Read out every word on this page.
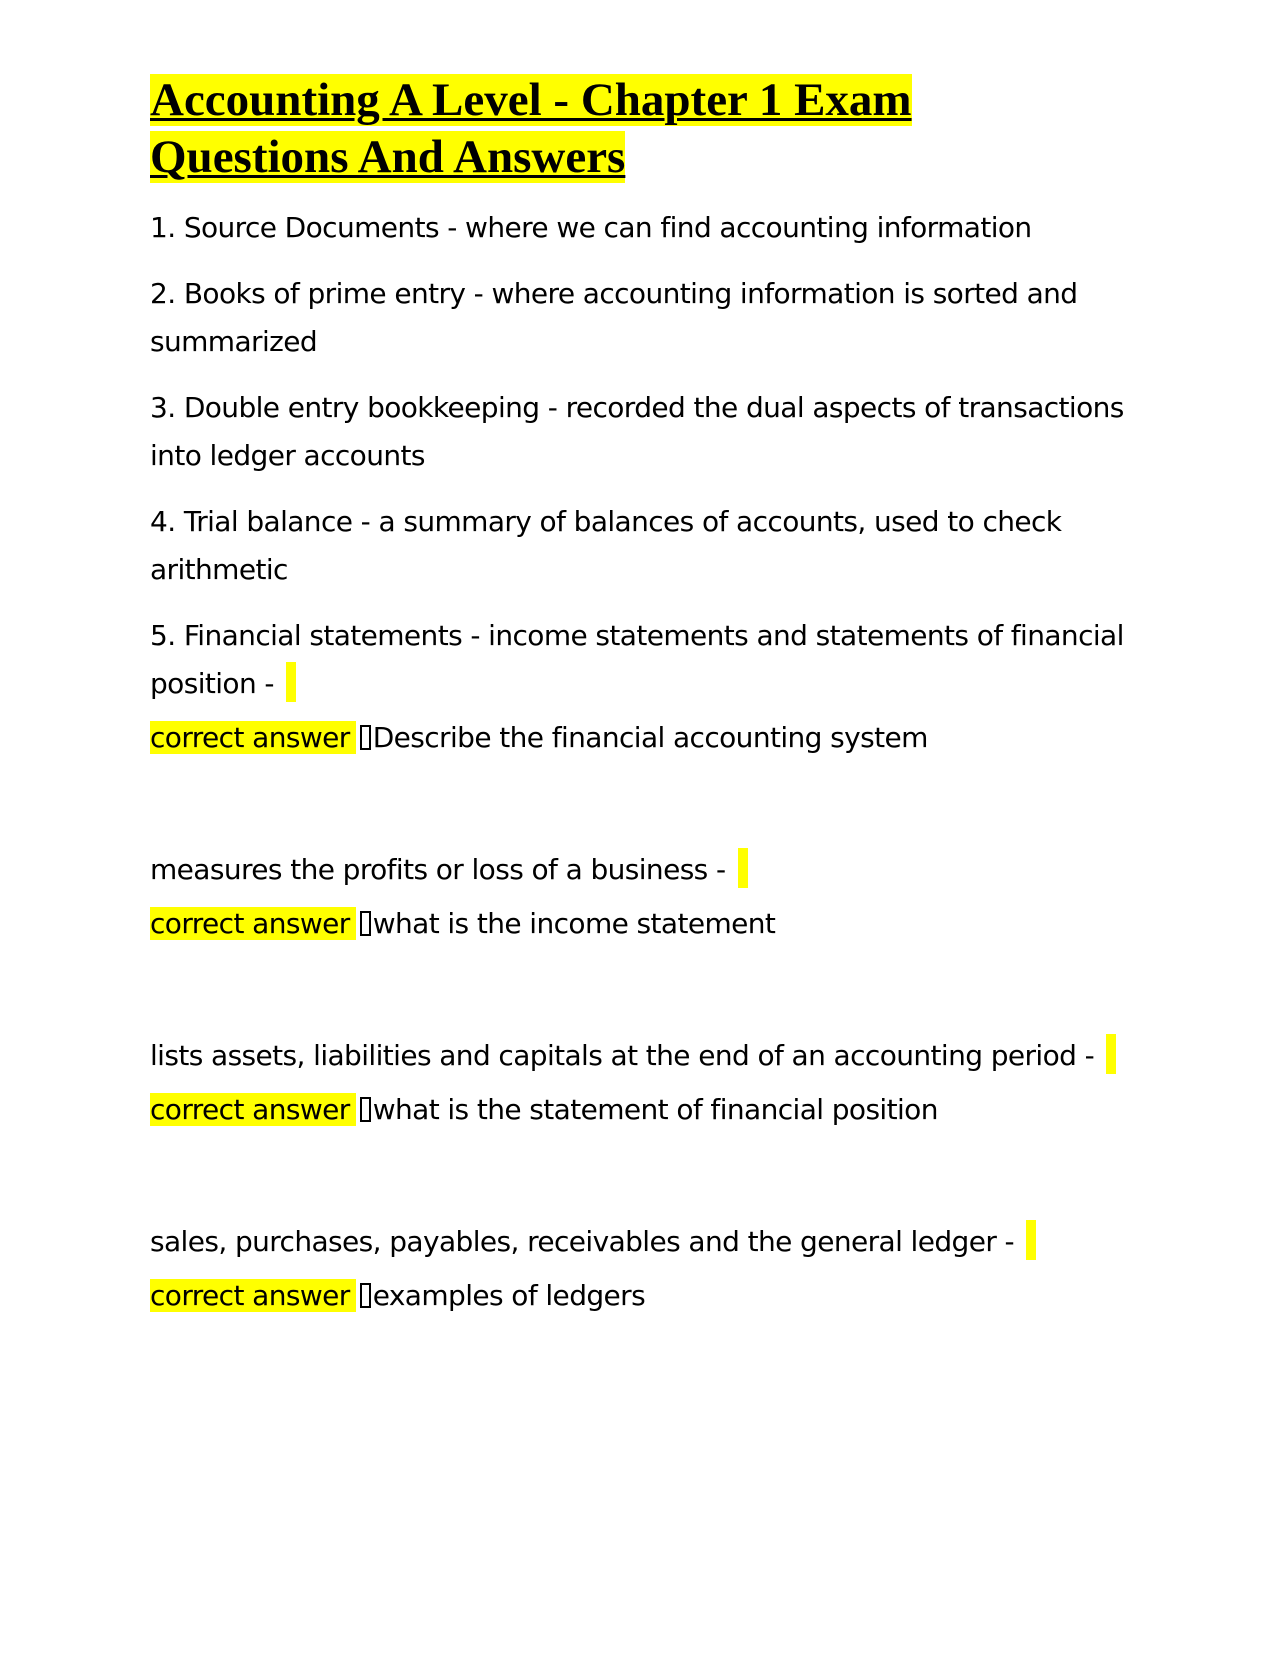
Accounting A Level - Chapter 1 Exam
Questions And Answers

1. Source Documents - where we can find accounting information

2. Books of prime entry - where accounting information is sorted and summarized

3. Double entry bookkeeping - recorded the dual aspects of transactions into ledger accounts

4. Trial balance - a summary of balances of accounts, used to check arithmetic

5. Financial statements - income statements and statements of financial position -

correct answer Describe the financial accounting system

measures the profits or loss of a business -

correct answer what is the income statement

lists assets, liabilities and capitals at the end of an accounting period -

correct answer what is the statement of financial position

sales, purchases, payables, receivables and the general ledger -

correct answer examples of ledgers
